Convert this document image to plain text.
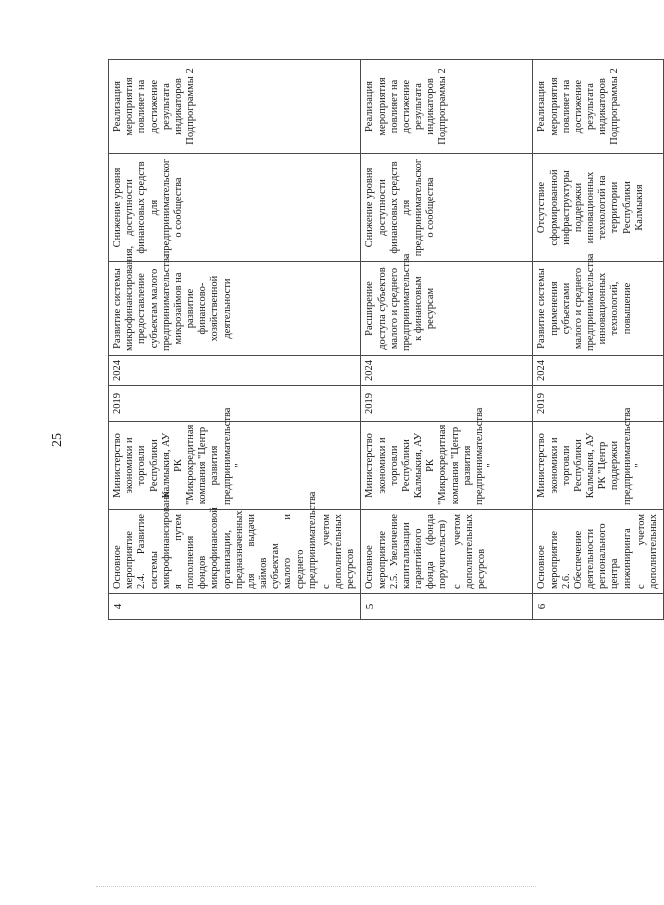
25
4	Основное мероприятие 2.4. Развитие системы микрофинансировани я путем пополнения фондов микрофинансовой организации, предназначенных для выдачи займов субъектам малого и среднего предпринимательства с учетом дополнительных ресурсов	Министерство экономики и торговли Республики Калмыкия, АУ РК "Микрокредитная компания "Центр развития предпринимательства "	2019	2024	Развитие системы микрофинансирования, предоставление субъектам малого предпринимательства микрозаймов на развитие финансово-хозяйственной деятельности	Снижение уровня доступности финансовых средств для предпринимательског о сообщества	Реализация мероприятия повлияет на достижение результата индикаторов Подпрограммы 2
5	Основное мероприятие 2.5. Увеличение капитализации гарантийного фонда (фонда поручительств) с учетом дополнительных ресурсов	Министерство экономики и торговли Республики Калмыкия, АУ РК "Микрокредитная компания "Центр развития предпринимательства "	2019	2024	Расширение доступа субъектов малого и среднего предпринимательства к финансовым ресурсам	Снижение уровня доступности финансовых средств для предпринимательског о сообщества	Реализация мероприятия повлияет на достижение результата индикаторов Подпрограммы 2
6	Основное мероприятие 2.6. Обеспечение деятельности регионального центра инжиниринга с учетом дополнительных	Министерство экономики и торговли Республики Калмыкия, АУ РК "Центр поддержки предпринимательства "	2019	2024	Развитие системы применения субъектами малого и среднего предпринимательства инновационных технологий, повышение	Отсутствие сформированной инфраструктуры поддержки инновационных технологий на территории Республики Калмыкия	Реализация мероприятия повлияет на достижение результата индикаторов Подпрограммы 2
